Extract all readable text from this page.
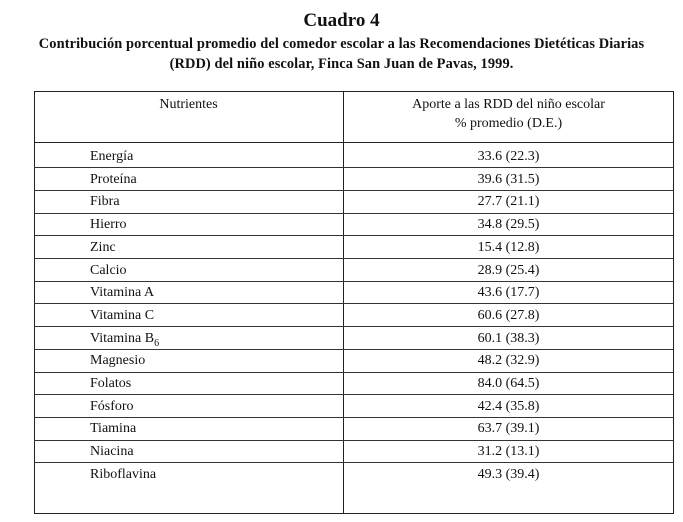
Cuadro 4
Contribución porcentual promedio del comedor escolar a las Recomendaciones Dietéticas Diarias
(RDD) del niño escolar, Finca San Juan de Pavas, 1999.
Nutrientes	Aporte a las RDD del niño escolar
% promedio (D.E.)
Energía	33.6 (22.3)
Proteína	39.6 (31.5)
Fibra	27.7 (21.1)
Hierro	34.8 (29.5)
Zinc	15.4 (12.8)
Calcio	28.9 (25.4)
Vitamina A	43.6 (17.7)
Vitamina C	60.6 (27.8)
Vitamina $B_6$	60.1 (38.3)
Magnesio	48.2 (32.9)
Folatos	84.0 (64.5)
Fósforo	42.4 (35.8)
Tiamina	63.7 (39.1)
Niacina	31.2 (13.1)
Riboflavina	49.3 (39.4)
